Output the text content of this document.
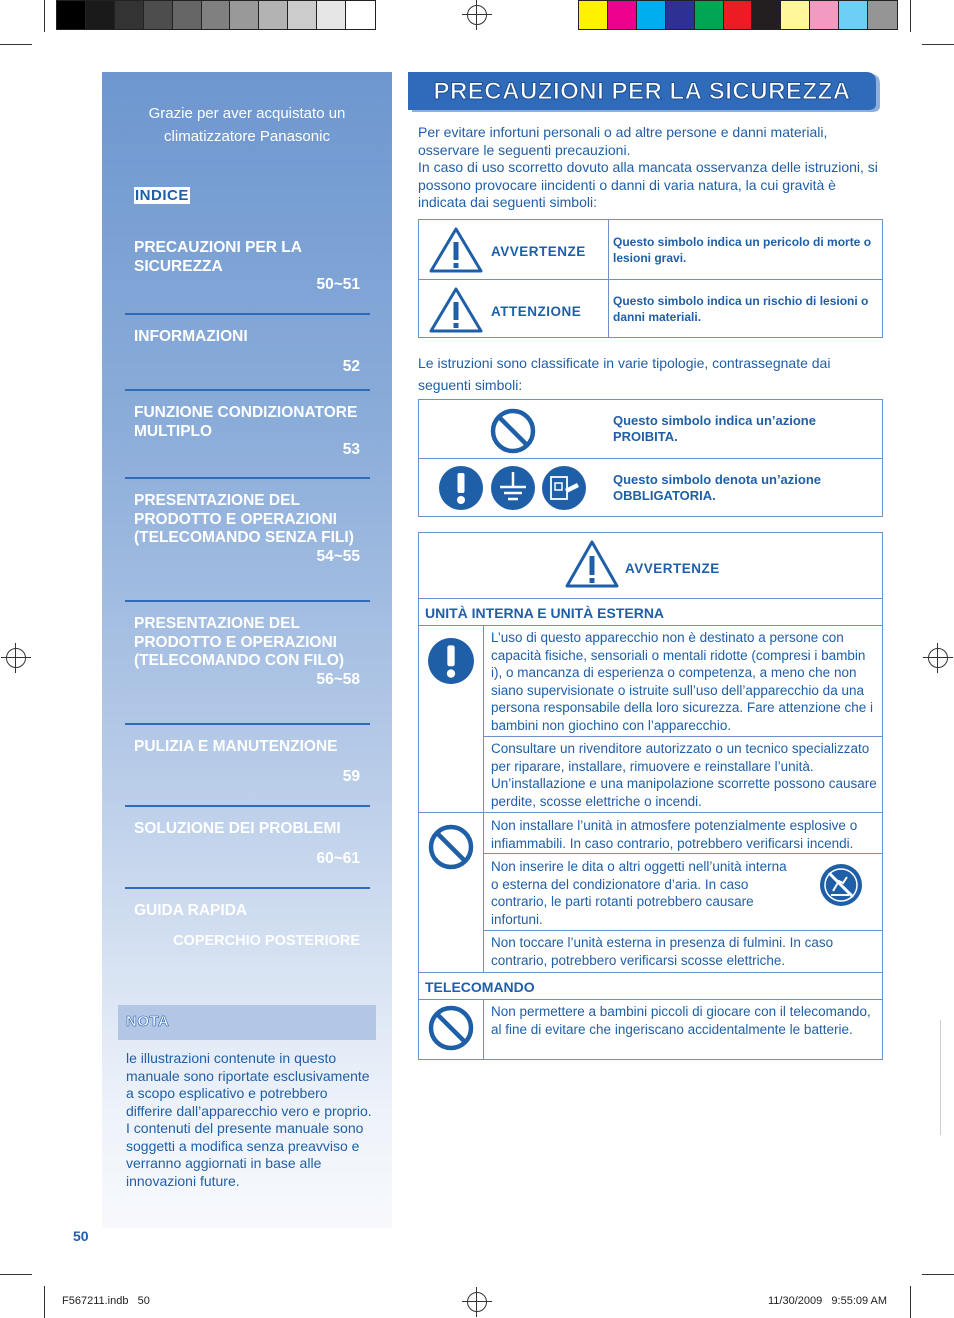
Grazie per aver acquistato un
climatizzatore Panasonic
INDICE
PRECAUZIONI PER LA SICUREZZA
50~51
INFORMAZIONI
52
FUNZIONE CONDIZIONATORE MULTIPLO
53
PRESENTAZIONE DEL PRODOTTO E OPERAZIONI (TELECOMANDO SENZA FILI)
54~55
PRESENTAZIONE DEL PRODOTTO E OPERAZIONI (TELECOMANDO CON FILO)
56~58
PULIZIA E MANUTENZIONE
59
SOLUZIONE DEI PROBLEMI
60~61
GUIDA RAPIDA
COPERCHIO POSTERIORE
NOTA
le illustrazioni contenute in questo manuale sono riportate esclusivamente a scopo esplicativo e potrebbero differire dall’apparecchio vero e proprio. I contenuti del presente manuale sono soggetti a modifica senza preavviso e verranno aggiornati in base alle innovazioni future.
50
PRECAUZIONI PER LA SICUREZZA
Per evitare infortuni personali o ad altre persone e danni materiali, osservare le seguenti precauzioni.
In caso di uso scorretto dovuto alla mancata osservanza delle istruzioni, si possono provocare iincidenti o danni di varia natura, la cui gravità è indicata dai seguenti simboli:
AVVERTENZE
Questo simbolo indica un pericolo di morte o lesioni gravi.
ATTENZIONE
Questo simbolo indica un rischio di lesioni o danni materiali.
Le istruzioni sono classificate in varie tipologie, contrassegnate dai seguenti simboli:
Questo simbolo indica un’azione
PROIBITA.
Questo simbolo denota un’azione
OBBLIGATORIA.
AVVERTENZE
UNITÀ INTERNA E UNITÀ ESTERNA
L’uso di questo apparecchio non è destinato a persone con capacità fisiche, sensoriali o mentali ridotte (compresi i bambin i), o mancanza di esperienza o competenza, a meno che non siano supervisionate o istruite sull’uso dell’apparecchio da una persona responsabile della loro sicurezza. Fare attenzione che i bambini non giochino con l’apparecchio.
Consultare un rivenditore autorizzato o un tecnico specializzato per riparare, installare, rimuovere e reinstallare l’unità. Un’installazione e una manipolazione scorrette possono causare perdite, scosse elettriche o incendi.
Non installare l’unità in atmosfere potenzialmente esplosive o infiammabili. In caso contrario, potrebbero verificarsi incendi.
Non inserire le dita o altri oggetti nell’unità interna o esterna del condizionatore d’aria. In caso contrario, le parti rotanti potrebbero causare infortuni.
Non toccare l’unità esterna in presenza di fulmini. In caso contrario, potrebbero verificarsi scosse elettriche.
TELECOMANDO
Non permettere a bambini piccoli di giocare con il telecomando, al fine di evitare che ingeriscano accidentalmente le batterie.
F567211.indb   50	11/30/2009   9:55:09 AM
